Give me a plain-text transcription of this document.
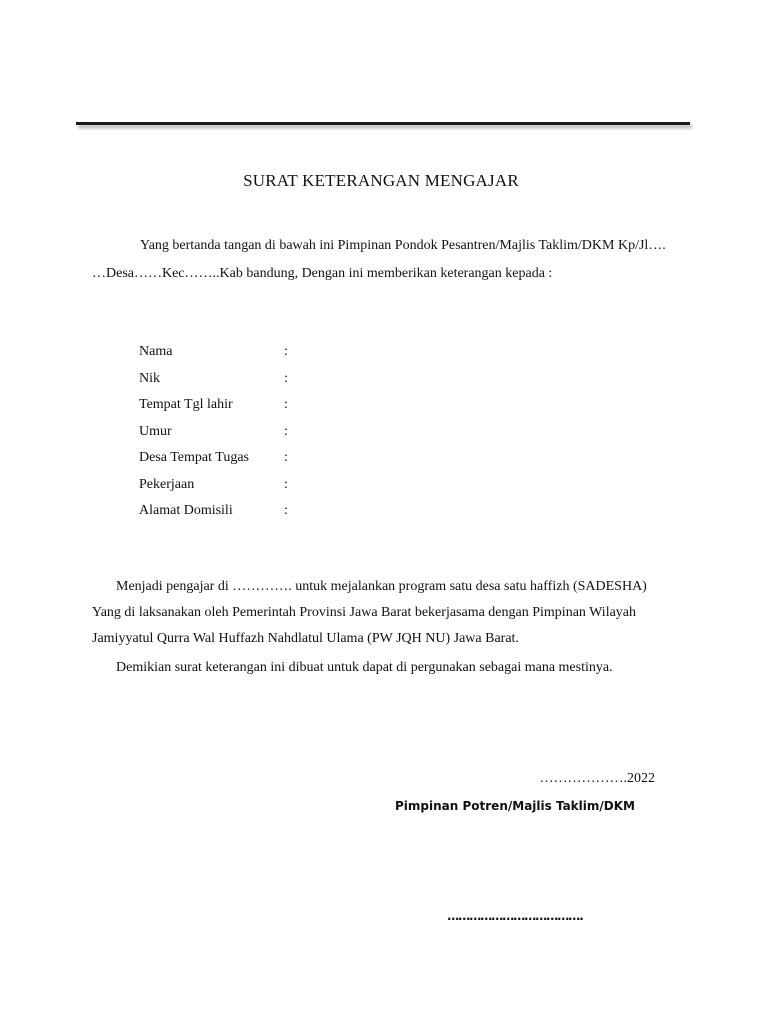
SURAT KETERANGAN MENGAJAR
Yang bertanda tangan di bawah ini Pimpinan Pondok Pesantren/Majlis Taklim/DKM Kp/Jl….
…Desa……Kec……..Kab bandung, Dengan ini memberikan keterangan kepada :
Nama	:
Nik	:
Tempat Tgl lahir	:
Umur	:
Desa Tempat Tugas	:
Pekerjaan	:
Alamat Domisili	:
Menjadi pengajar di …………. untuk mejalankan program satu desa satu haffizh (SADESHA)
Yang di laksanakan oleh Pemerintah Provinsi Jawa Barat bekerjasama dengan Pimpinan Wilayah
Jamiyyatul Qurra Wal Huffazh Nahdlatul Ulama (PW JQH NU) Jawa Barat.
Demikian surat keterangan ini dibuat untuk dapat di pergunakan sebagai mana mestinya.
……………….2022
Pimpinan Potren/Majlis Taklim/DKM
……………………………….
